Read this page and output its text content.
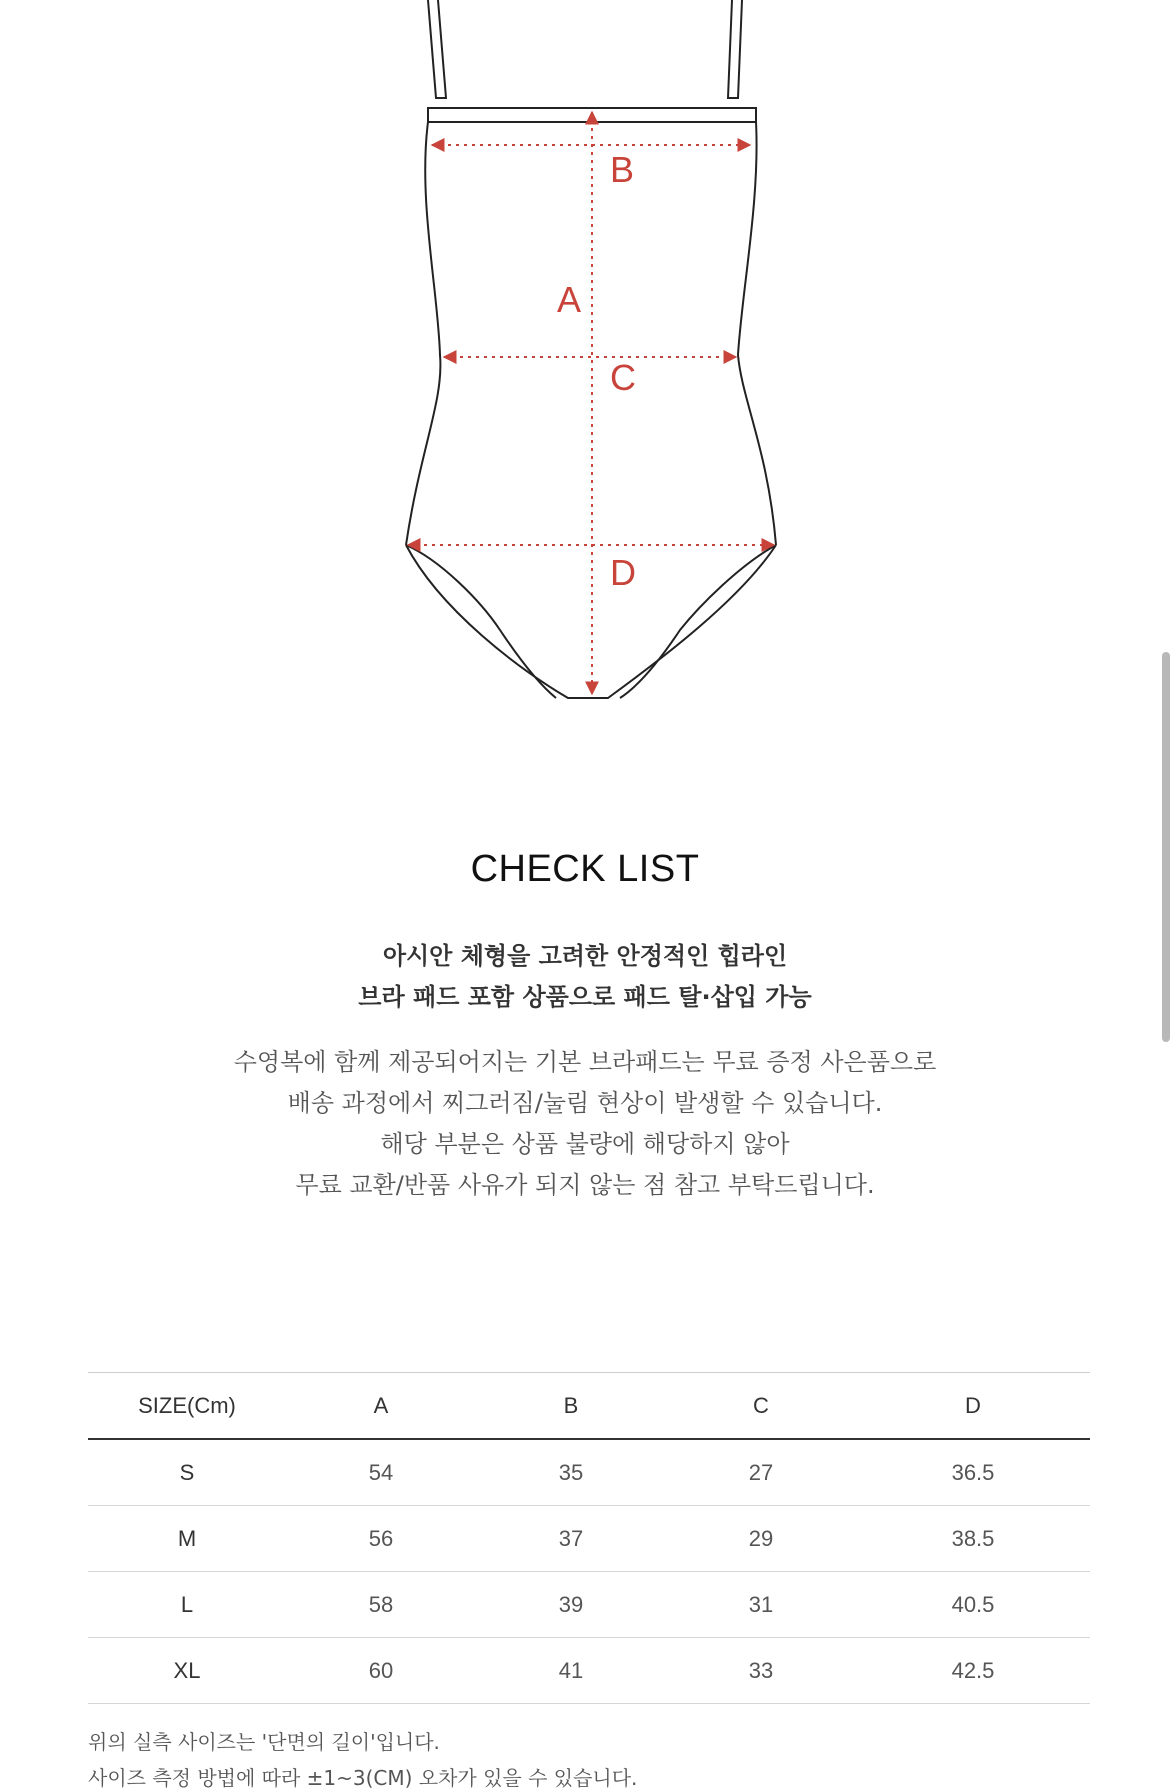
B
A
C
D
CHECK LIST
아시안 체형을 고려한 안정적인 힙라인
브라 패드 포함 상품으로 패드 탈·삽입 가능
수영복에 함께 제공되어지는 기본 브라패드는 무료 증정 사은품으로
배송 과정에서 찌그러짐/눌림 현상이 발생할 수 있습니다.
해당 부분은 상품 불량에 해당하지 않아
무료 교환/반품 사유가 되지 않는 점 참고 부탁드립니다.
SIZE(Cm)	A	B	C	D
S	54	35	27	36.5
M	56	37	29	38.5
L	58	39	31	40.5
XL	60	41	33	42.5
위의 실측 사이즈는 '단면의 길이'입니다.
사이즈 측정 방법에 따라 ±1~3(CM) 오차가 있을 수 있습니다.
